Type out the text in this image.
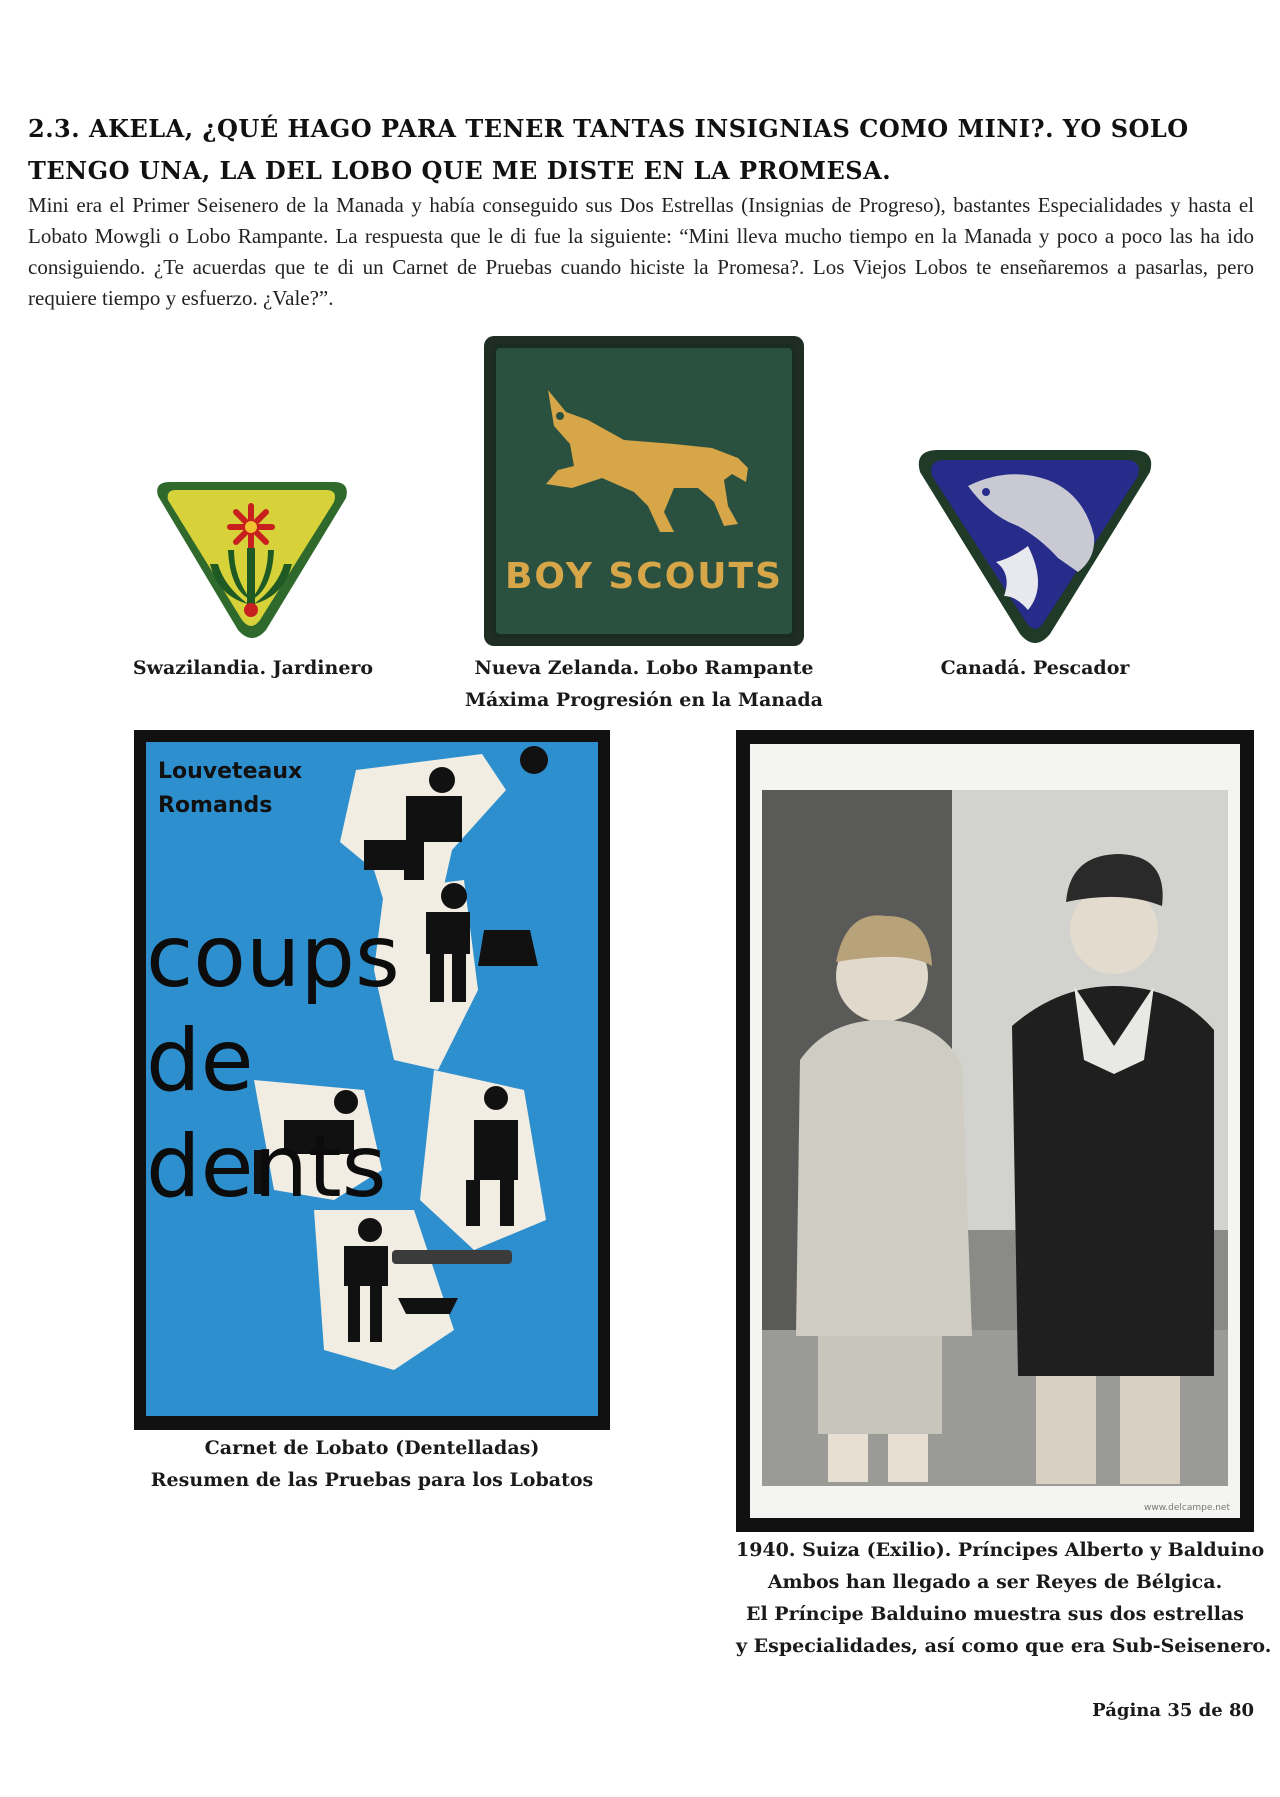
2.3. AKELA, ¿QUÉ HAGO PARA TENER TANTAS INSIGNIAS COMO MINI?. YO SOLO TENGO UNA, LA DEL LOBO QUE ME DISTE EN LA PROMESA.
Mini era el Primer Seisenero de la Manada y había conseguido sus Dos Estrellas (Insignias de Progreso), bastantes Especialidades y hasta el Lobato Mowgli o Lobo Rampante. La respuesta que le di fue la siguiente: “Mini lleva mucho tiempo en la Manada y poco a poco las ha ido consiguiendo. ¿Te acuerdas que te di un Carnet de Pruebas cuando hiciste la Promesa?. Los Viejos Lobos te enseñaremos a pasarlas, pero requiere tiempo y esfuerzo. ¿Vale?”.
Swazilandia. Jardinero
BOY SCOUTS
Nueva Zelanda. Lobo Rampante
Máxima Progresión en la Manada
Canadá. Pescador
Louveteaux
Romands
coups
de
dents
Carnet de Lobato (Dentelladas)
Resumen de las Pruebas para los Lobatos
www.delcampe.net
1940. Suiza (Exilio). Príncipes Alberto y Balduino
Ambos han llegado a ser Reyes de Bélgica.
El Príncipe Balduino muestra sus dos estrellas
y Especialidades, así como que era Sub-Seisenero.
Página 35 de 80
